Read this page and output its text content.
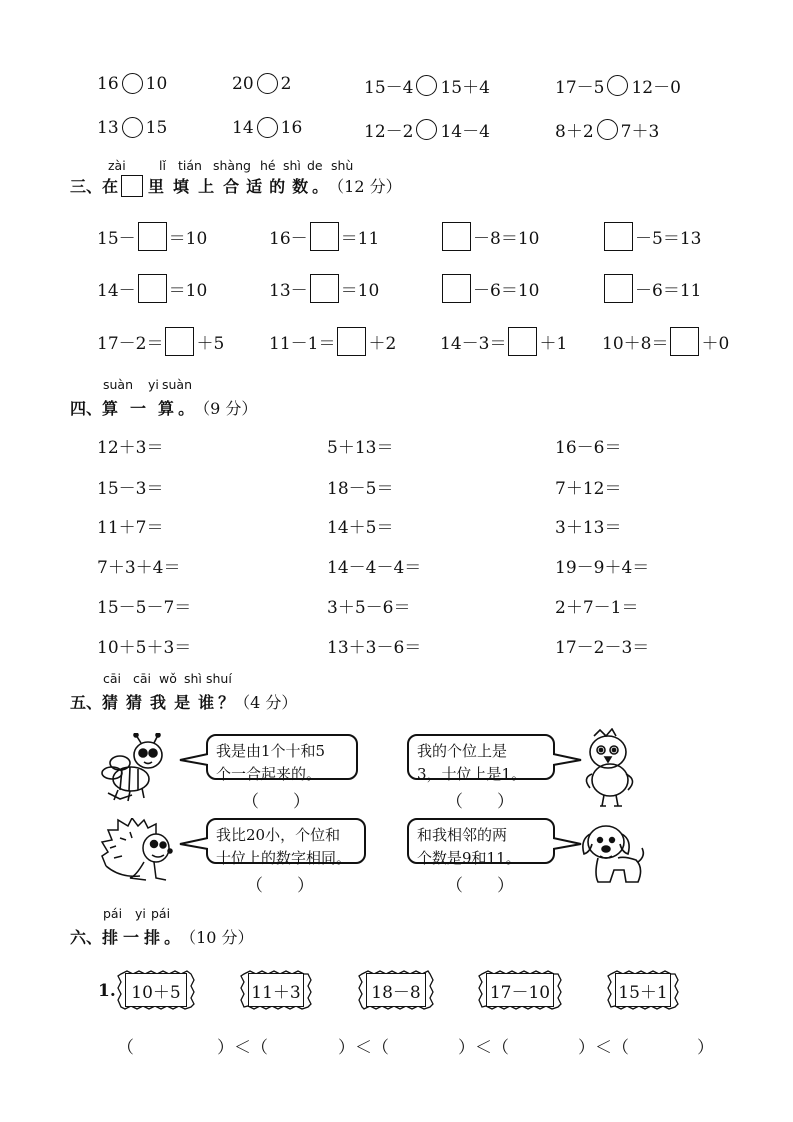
16 10	20 2	15－4 15＋4	17－5 12－0
13 15	14 16	12－2 14－4	8＋2 7＋3
zài	lǐ tián shàng hé shì de shù
三、 在 里 填 上 合 适 的 数 。 （12 分）
15－ ＝10	16－ ＝11	－8＝10	－5＝13
14－ ＝10	13－ ＝10	－6＝10	－6＝11
17－2＝ ＋5	11－1＝ ＋2	14－3＝ ＋1 10＋8＝ ＋0
suàn yi suàn
四、 算 一 算 。 （9 分）
12＋3＝	5＋13＝	16－6＝
15－3＝	18－5＝	7＋12＝
11＋7＝	14＋5＝	3＋13＝
7＋3＋4＝	14－4－4＝	19－9＋4＝
15－5－7＝	3＋5－6＝	2＋7－1＝
10＋5＋3＝	13＋3－6＝	17－2－3＝
cāi cāi wǒ shì shuí
五、 猜 猜 我 是 谁 ？ （4 分）
我是由1个十和5
个一合起来的。
（　　）
我的个位上是
3，十位上是1。
（　　）
我比20小，个位和
十位上的数字相同。
（　　）
和我相邻的两
个数是9和11。
（　　）
pái yi pái
六、 排 一 排 。 （10 分）
1. 10＋5	11＋3	18－8	17－10	15＋1
（	）＜（	）＜（	）＜（	）＜（	）
